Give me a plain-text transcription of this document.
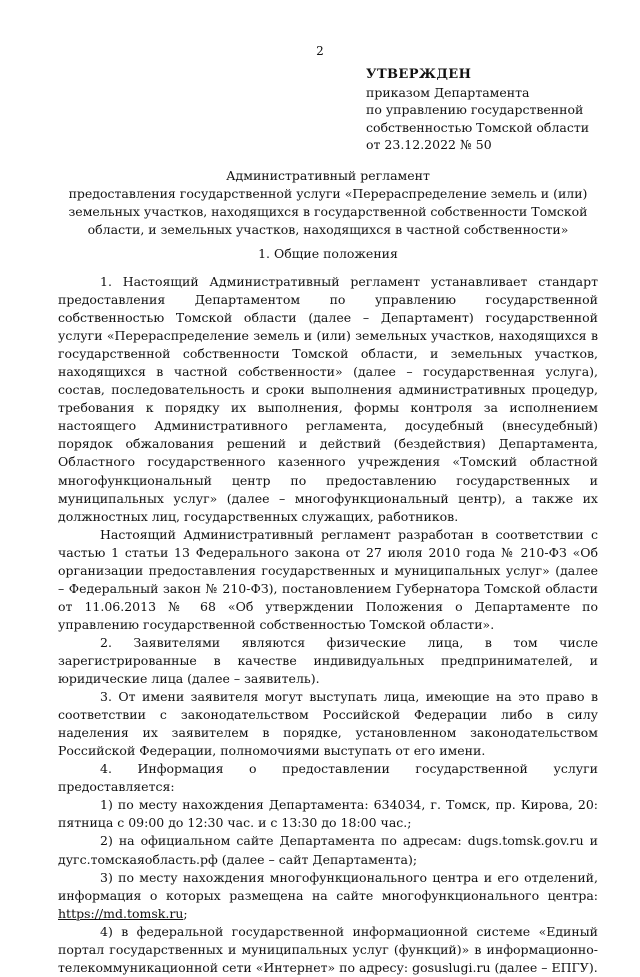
2
УТВЕРЖДЕН
приказом Департамента
по управлению государственной
собственностью Томской области
от 23.12.2022 № 50
Административный регламент
предоставления государственной услуги «Перераспределение земель и (или) земельных участков, находящихся в государственной собственности Томской области, и земельных участков, находящихся в частной собственности»
1. Общие положения

1. Настоящий Административный регламент устанавливает стандарт предоставления Департаментом по управлению государственной собственностью Томской области (далее – Департамент) государственной услуги «Перераспределение земель и (или) земельных участков, находящихся в государственной собственности Томской области, и земельных участков, находящихся в частной собственности» (далее – государственная услуга), состав, последовательность и сроки выполнения административных процедур, требования к порядку их выполнения, формы контроля за исполнением настоящего Административного регламента, досудебный (внесудебный) порядок обжалования решений и действий (бездействия) Департамента, Областного государственного казенного учреждения «Томский областной многофункциональный центр по предоставлению государственных и муниципальных услуг» (далее – многофункциональный центр), а также их должностных лиц, государственных служащих, работников.

Настоящий Административный регламент разработан в соответствии с частью 1 статьи 13 Федерального закона от 27 июля 2010 года № 210-ФЗ «Об организации предоставления государственных и муниципальных услуг» (далее – Федеральный закон № 210-ФЗ), постановлением Губернатора Томской области от 11.06.2013 № 68 «Об утверждении Положения о Департаменте по управлению государственной собственностью Томской области».

2. Заявителями являются физические лица, в том числе зарегистрированные в качестве индивидуальных предпринимателей, и юридические лица (далее – заявитель).

3. От имени заявителя могут выступать лица, имеющие на это право в соответствии с законодательством Российской Федерации либо в силу наделения их заявителем в порядке, установленном законодательством Российской Федерации, полномочиями выступать от его имени.

4. Информация о предоставлении государственной услуги предоставляется:

1) по месту нахождения Департамента: 634034, г. Томск, пр. Кирова, 20: пятница с 09:00 до 12:30 час. и с 13:30 до 18:00 час.;

2) на официальном сайте Департамента по адресам: dugs.tomsk.gov.ru и дугс.томскаяобласть.рф (далее – сайт Департамента);

3) по месту нахождения многофункционального центра и его отделений, информация о которых размещена на сайте многофункционального центра: https://md.tomsk.ru;

4) в федеральной государственной информационной системе «Единый портал государственных и муниципальных услуг (функций)» в информационно-телекоммуникационной сети «Интернет» по адресу: gosuslugi.ru (далее – ЕПГУ).
